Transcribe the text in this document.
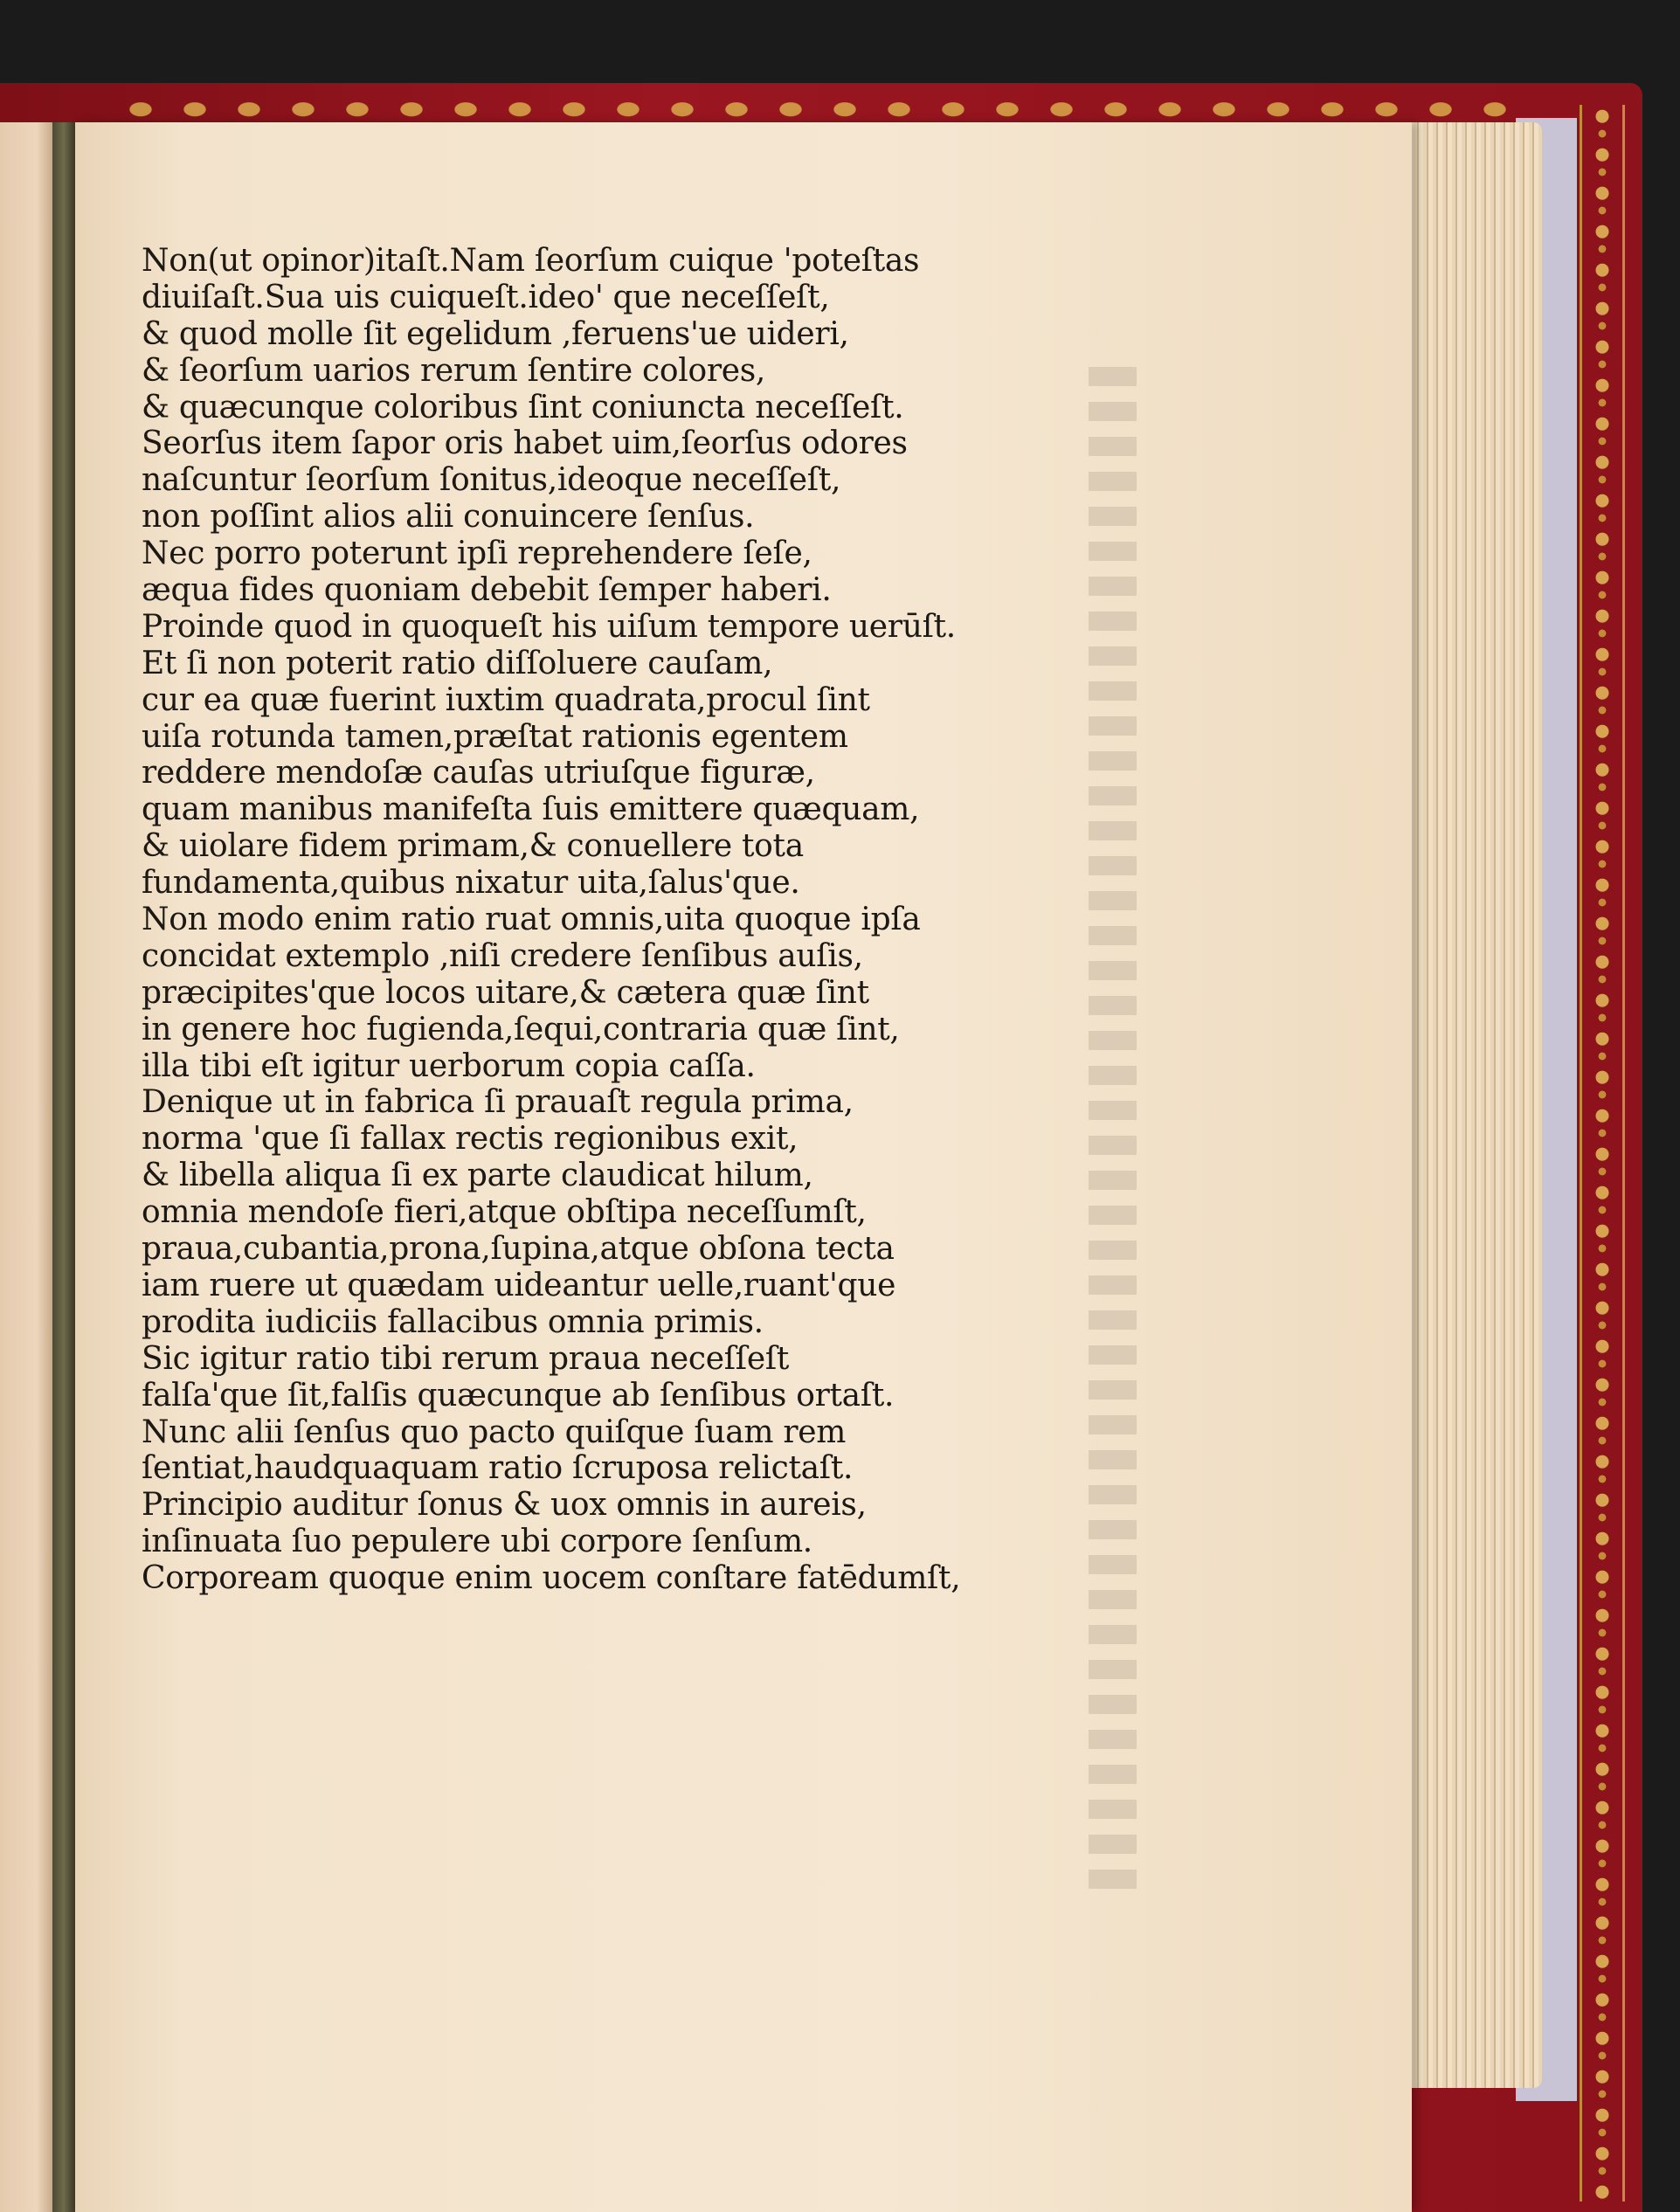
Non(ut opinor)itaſt.Nam ſeorſum cuique 'poteſtas
diuiſaſt.Sua uis cuiqueſt.ideo' que neceſſeſt,
& quod molle ſit egelidum ,feruens'ue uideri,
& ſeorſum uarios rerum ſentire colores,
& quæcunque coloribus ſint coniuncta neceſſeſt.
Seorſus item ſapor oris habet uim,ſeorſus odores
naſcuntur ſeorſum ſonitus,ideoque neceſſeſt,
non poſſint alios alii conuincere ſenſus.
Nec porro poterunt ipſi reprehendere ſeſe,
æqua fides quoniam debebit ſemper haberi.
Proinde quod in quoqueſt his uiſum tempore uerūſt.
Et ſi non poterit ratio diſſoluere cauſam,
cur ea quæ fuerint iuxtim quadrata,procul ſint
uiſa rotunda tamen,præſtat rationis egentem
reddere mendoſæ cauſas utriuſque figuræ,
quam manibus manifeſta ſuis emittere quæquam,
& uiolare fidem primam,& conuellere tota
fundamenta,quibus nixatur uita,ſalus'que.
Non modo enim ratio ruat omnis,uita quoque ipſa
concidat extemplo ,niſi credere ſenſibus auſis,
præcipites'que locos uitare,& cætera quæ ſint
in genere hoc fugienda,ſequi,contraria quæ ſint,
illa tibi eſt igitur uerborum copia caſſa.
Denique ut in fabrica ſi prauaſt regula prima,
norma 'que ſi fallax rectis regionibus exit,
& libella aliqua ſi ex parte claudicat hilum,
omnia mendoſe fieri,atque obſtipa neceſſumſt,
praua,cubantia,prona,ſupina,atque obſona tecta
iam ruere ut quædam uideantur uelle,ruant'que
prodita iudiciis fallacibus omnia primis.
Sic igitur ratio tibi rerum praua neceſſeſt
falſa'que ſit,falſis quæcunque ab ſenſibus ortaſt.
Nunc alii ſenſus quo pacto quiſque ſuam rem
ſentiat,haudquaquam ratio ſcruposa relictaſt.
Principio auditur ſonus & uox omnis in aureis,
inſinuata ſuo pepulere ubi corpore ſenſum.
Corpoream quoque enim uocem conſtare fatēdumſt,
